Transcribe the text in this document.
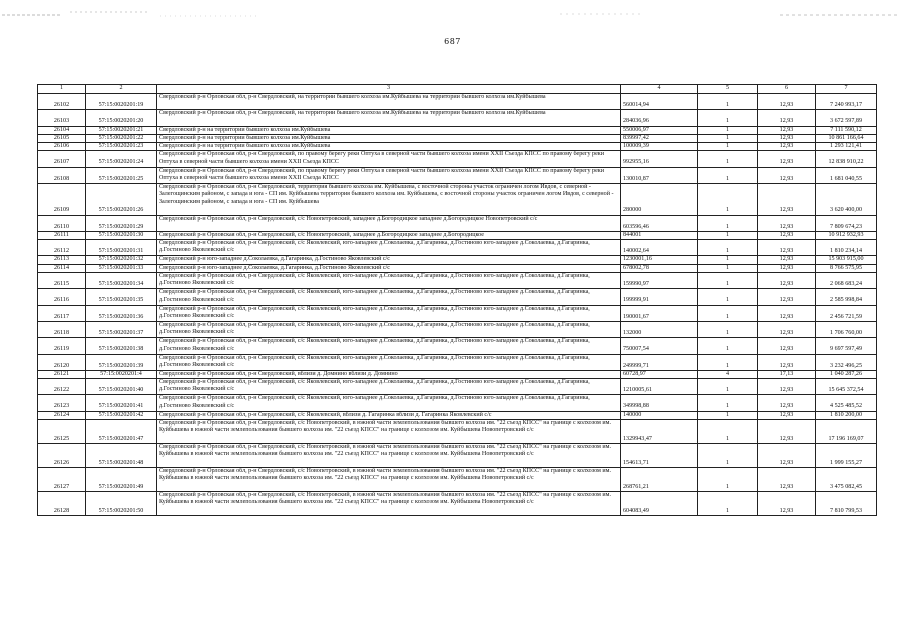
687
1	2	3	4	5	6	7
26102	57:15:0020201:19	Свердловский р-н Орловская обл, р-н Свердловский, на территории бывшего колхоза им.Куйбышева на территории бывшего колхоза им.Куйбышева	560014,94	1	12,93	7 240 993,17
26103	57:15:0020201:20	Свердловский р-н Орловская обл, р-н Свердловский, на территории бывшего колхоза им.Куйбышева на территории бывшего колхоза им.Куйбышева	284036,96	1	12,93	3 672 597,89
26104	57:15:0020201:21	Свердловский р-н на территории бывшего колхоза им.Куйбышева	550006,97	1	12,93	7 111 590,12
26105	57:15:0020201:22	Свердловский р-н на территории бывшего колхоза им.Куйбышева	839997,42	1	12,93	10 861 166,64
26106	57:15:0020201:23	Свердловский р-н на территории бывшего колхоза им.Куйбышева	100009,39	1	12,93	1 293 121,41
26107	57:15:0020201:24	Свердловский р-н Орловская обл, р-н Свердловский, по правому берегу реки Оптуха в северной части бывшего колхоза имени XXII Съезда КПСС по правому берегу реки Оптуха в северной части бывшего колхоза имени XXII Съезда КПСС	992955,16	1	12,93	12 838 910,22
26108	57:15:0020201:25	Свердловский р-н Орловская обл, р-н Свердловский, по правому берегу реки Оптуха в северной части бывшего колхоза имени XXII Съезда КПСС по правому берегу реки Оптуха в северной части бывшего колхоза имени XXII Съезда КПСС	130010,87	1	12,93	1 681 040,55
26109	57:15:0020201:26	Свердловский р-н Орловская обл, р-н Свердловский, территория бывшего колхоза им. Куйбышева, с восточной стороны участок ограничен логом Ивдов, с северной - Залегощинским районом, с запада и юга - СП им. Куйбышева территория бывшего колхоза им. Куйбышева, с восточной стороны участок ограничен логом Ивдов, с северной - Залегощинским районом, с запада и юга - СП им. Куйбышева	280000	1	12,93	3 620 400,00
26110	57:15:0020201:29	Свердловский р-н Орловская обл, р-н Свердловский, с/с Новопетровский, западнее д.Богородицкое западнее д.Богородицкое Новопетровский с/с	603596,46	1	12,93	7 809 674,23
26111	57:15:0020201:30	Свердловский р-н Орловская обл, р-н Свердловский, с/с Новопетровский, западнее д.Богородицкое западнее д.Богородицкое	844001	1	12,93	10 912 932,93
26112	57:15:0020201:31	Свердловский р-н Орловская обл, р-н Свердловский, с/с Яковлевский, юго-западнее д.Соколаевка, д.Гагаринка, д.Гостиново юго-западнее д.Соколаевка, д.Гагаринка, д.Гостиново Яковлевский с/с	140002,64	1	12,93	1 810 234,14
26113	57:15:0020201:32	Свердловский р-н юго-западнее д.Соколаевка, д.Гагаринка, д.Гостиново Яковлевский с/с	1230001,16	1	12,93	15 903 915,00
26114	57:15:0020201:33	Свердловский р-н юго-западнее д.Соколаевка, д.Гагаринка, д.Гостиново Яковлевский с/с	678002,78	1	12,93	8 766 575,95
26115	57:15:0020201:34	Свердловский р-н Орловская обл, р-н Свердловский, с/с Яковлевский, юго-западнее д.Соколаевка, д.Гагаринка, д.Гостиново юго-западнее д.Соколаевка, д.Гагаринка, д.Гостиново Яковлевский с/с	159990,97	1	12,93	2 068 683,24
26116	57:15:0020201:35	Свердловский р-н Орловская обл, р-н Свердловский, с/с Яковлевский, юго-западнее д.Соколаевка, д.Гагаринка, д.Гостиново юго-западнее д.Соколаевка, д.Гагаринка, д.Гостиново Яковлевский с/с	199999,91	1	12,93	2 585 998,84
26117	57:15:0020201:36	Свердловский р-н Орловская обл, р-н Свердловский, с/с Яковлевский, юго-западнее д.Соколаевка, д.Гагаринка, д.Гостиново юго-западнее д.Соколаевка, д.Гагаринка, д.Гостиново Яковлевский с/с	190001,67	1	12,93	2 456 721,59
26118	57:15:0020201:37	Свердловский р-н Орловская обл, р-н Свердловский, с/с Яковлевский, юго-западнее д.Соколаевка, д.Гагаринка, д.Гостиново юго-западнее д.Соколаевка, д.Гагаринка, д.Гостиново Яковлевский с/с	132000	1	12,93	1 706 760,00
26119	57:15:0020201:38	Свердловский р-н Орловская обл, р-н Свердловский, с/с Яковлевский, юго-западнее д.Соколаевка, д.Гагаринка, д.Гостиново юго-западнее д.Соколаевка, д.Гагаринка, д.Гостиново Яковлевский с/с	750007,54	1	12,93	9 697 597,49
26120	57:15:0020201:39	Свердловский р-н Орловская обл, р-н Свердловский, с/с Яковлевский, юго-западнее д.Соколаевка, д.Гагаринка, д.Гостиново юго-западнее д.Соколаевка, д.Гагаринка, д.Гостиново Яковлевский с/с	249999,71	1	12,93	3 232 496,25
26121	57:15:0020201:4	Свердловский р-н Орловская обл, р-н Свердловский, вблизи д. Домнино вблизи д. Домнино	60728,97	4	17,13	1 040 287,26
26122	57:15:0020201:40	Свердловский р-н Орловская обл, р-н Свердловский, с/с Яковлевский, юго-западнее д.Соколаевка, д.Гагаринка, д.Гостиново юго-западнее д.Соколаевка, д.Гагаринка, д.Гостиново Яковлевский с/с	1210005,61	1	12,93	15 645 372,54
26123	57:15:0020201:41	Свердловский р-н Орловская обл, р-н Свердловский, с/с Яковлевский, юго-западнее д.Соколаевка, д.Гагаринка, д.Гостиново юго-западнее д.Соколаевка, д.Гагаринка, д.Гостиново Яковлевский с/с	349998,88	1	12,93	4 525 485,52
26124	57:15:0020201:42	Свердловский р-н Орловская обл, р-н Свердловский, с/с Яковлевский, вблизи д. Гагаринка вблизи д. Гагаринка Яковлевский с/с	140000	1	12,93	1 810 200,00
26125	57:15:0020201:47	Свердловский р-н Орловская обл, р-н Свердловский, с/с Новопетровский, в южной части землепользования бывшего колхоза им. "22 съезд КПСС" на границе с колхозом им. Куйбышева в южной части землепользования бывшего колхоза им. "22 съезд КПСС" на границе с колхозом им. Куйбышева Новопетровский с/с	1329943,47	1	12,93	17 196 169,07
26126	57:15:0020201:48	Свердловский р-н Орловская обл, р-н Свердловский, с/с Новопетровский, в южной части землепользования бывшего колхоза им. "22 съезд КПСС" на границе с колхозом им. Куйбышева в южной части землепользования бывшего колхоза им. "22 съезд КПСС" на границе с колхозом им. Куйбышева Новопетровский с/с	154613,71	1	12,93	1 999 155,27
26127	57:15:0020201:49	Свердловский р-н Орловская обл, р-н Свердловский, с/с Новопетровский, в южной части землепользования бывшего колхоза им. "22 съезд КПСС" на границе с колхозом им. Куйбышева в южной части землепользования бывшего колхоза им. "22 съезд КПСС" на границе с колхозом им. Куйбышева Новопетровский с/с	268761,21	1	12,93	3 475 082,45
26128	57:15:0020201:50	Свердловский р-н Орловская обл, р-н Свердловский, с/с Новопетровский, в южной части землепользования бывшего колхоза им. "22 съезд КПСС" на границе с колхозом им. Куйбышева в южной части землепользования бывшего колхоза им. "22 съезд КПСС" на границе с колхозом им. Куйбышева Новопетровский с/с	604083,49	1	12,93	7 810 799,53
